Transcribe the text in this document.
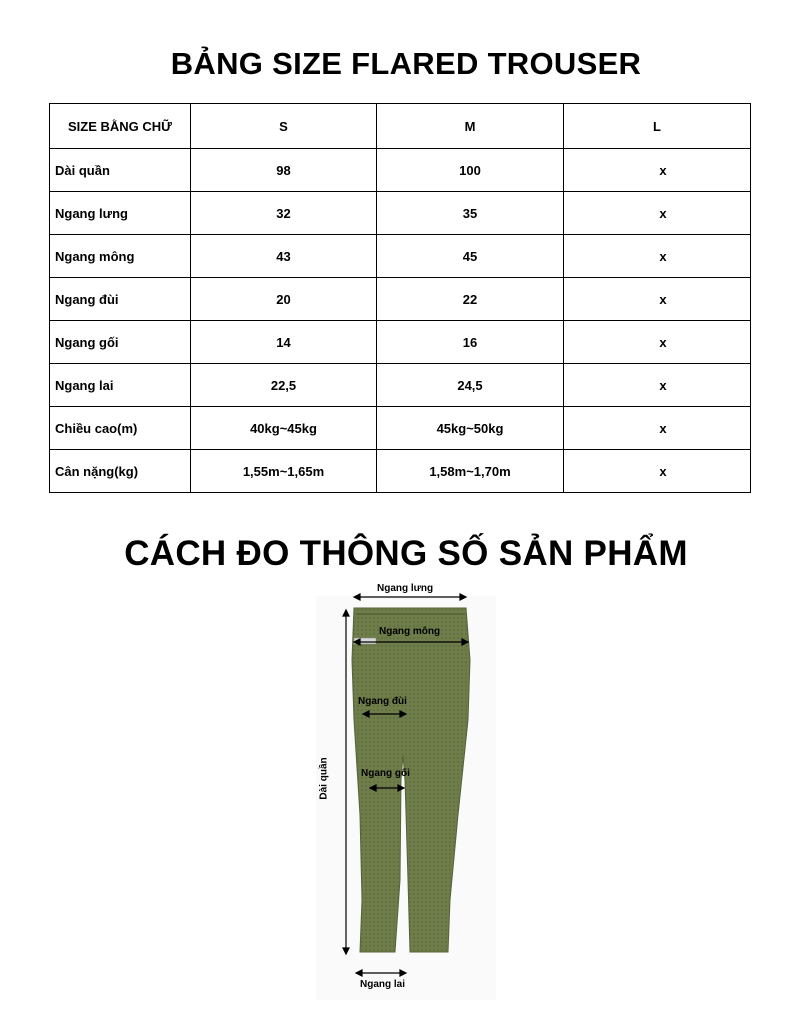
BẢNG SIZE FLARED TROUSER
SIZE BẰNG CHỮ	S	M	L
Dài quần	98	100	x
Ngang lưng	32	35	x
Ngang mông	43	45	x
Ngang đùi	20	22	x
Ngang gối	14	16	x
Ngang lai	22,5	24,5	x
Chiều cao(m)	40kg~45kg	45kg~50kg	x
Cân nặng(kg)	1,55m~1,65m	1,58m~1,70m	x
CÁCH ĐO THÔNG SỐ SẢN PHẨM
Ngang lưng
Ngang mông
Ngang đùi
Ngang gối
Dài quần
Ngang lai
